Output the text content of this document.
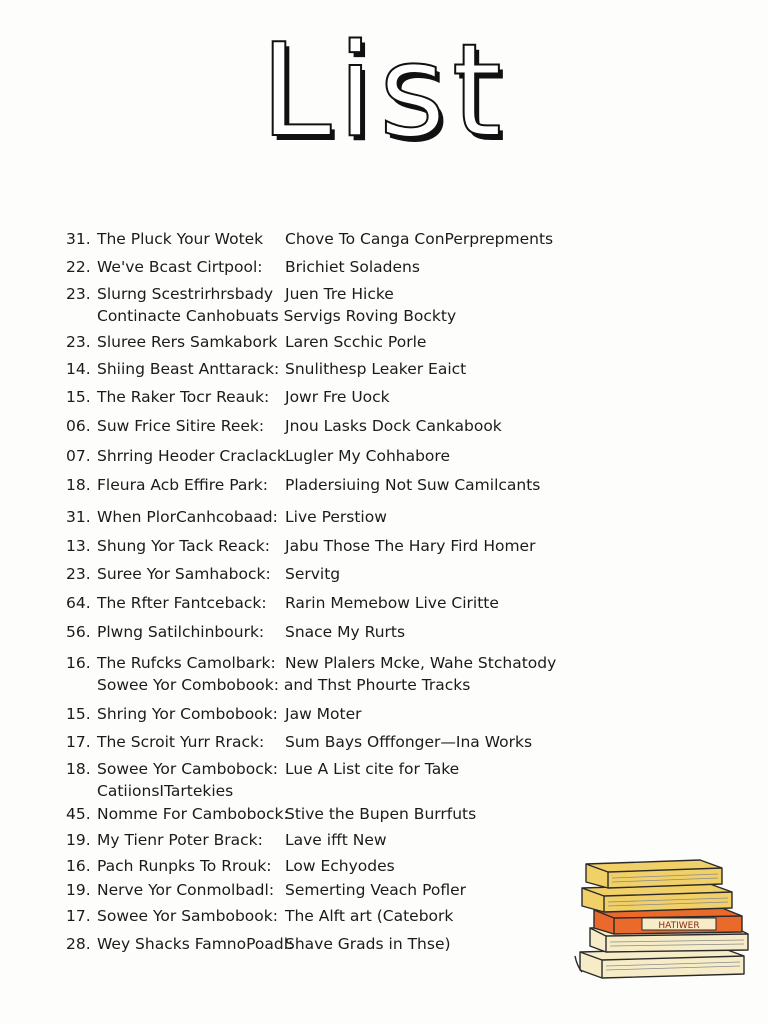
List
31. The Pluck Your Wotek Chove To Canga ConPerprepments
22. We've Bcast Cirtpool: Brichiet Soladens
23. Slurng Scestrirhrsbady Juen Tre Hicke
Continacte Canhobuats Servigs Roving Bockty
23. Sluree Rers Samkabork Laren Scchic Porle
14. Shiing Beast Anttarack: Snulithesp Leaker Eaict
15. The Raker Tocr Reauk: Jowr Fre Uock
06. Suw Frice Sitire Reek: Jnou Lasks Dock Cankabook
07. Shrring Heoder CraclackLugler My Cohhabore
18. Fleura Acb Effire Park: Pladersiuing Not Suw Camilcants
31. When PlorCanhcobaad: Live Perstiow
13. Shung Yor Tack Reack: Jabu Those The Hary Fird Homer
23. Suree Yor Samhabock: Servitg
64. The Rfter Fantceback: Rarin Memebow Live Ciritte
56. Plwng Satilchinbourk: Snace My Rurts
16. The Rufcks Camolbark: New Plalers Mcke, Wahe Stchatody
Sowee Yor Combobook: and Thst Phourte Tracks
15. Shring Yor Combobook: Jaw Moter
17. The Scroit Yurr Rrack: Sum Bays Offfonger—Ina Works
18. Sowee Yor Cambobock: Lue A List cite for Take
CatiionsITartekies
45. Nomme For Cambobock:Stive the Bupen Burrfuts
19. My Tienr Poter Brack: Lave ifft New
16. Pach Runpks To Rrouk: Low Echyodes
19. Nerve Yor Conmolbadl: Semerting Veach Pofler
17. Sowee Yor Sambobook: The Alft art (Catebork
28. Wey Shacks FamnoPoadl:Shave Grads in Thse)
HATIWER
